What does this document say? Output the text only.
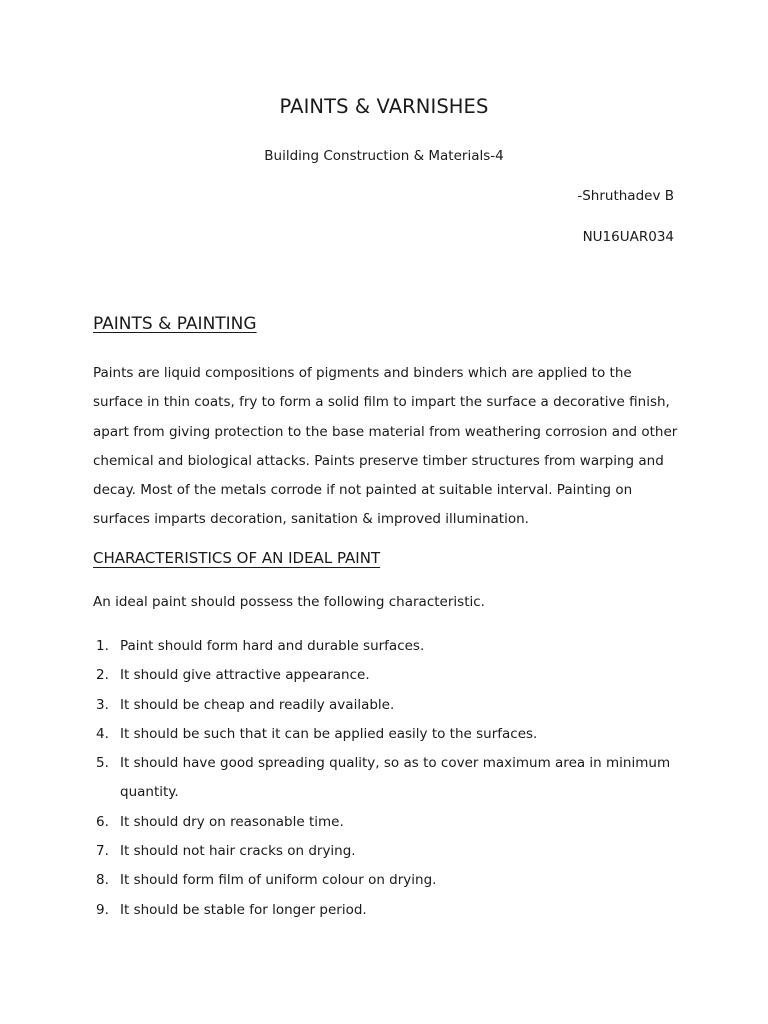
PAINTS & VARNISHES
Building Construction & Materials-4
-Shruthadev B
NU16UAR034
PAINTS & PAINTING

Paints are liquid compositions of pigments and binders which are applied to the surface in thin coats, fry to form a solid film to impart the surface a decorative finish, apart from giving protection to the base material from weathering corrosion and other chemical and biological attacks. Paints preserve timber structures from warping and decay. Most of the metals corrode if not painted at suitable interval. Painting on surfaces imparts decoration, sanitation & improved illumination.

CHARACTERISTICS OF AN IDEAL PAINT
An ideal paint should possess the following characteristic.
1. Paint should form hard and durable surfaces.
2. It should give attractive appearance.
3. It should be cheap and readily available.
4. It should be such that it can be applied easily to the surfaces.
5. It should have good spreading quality, so as to cover maximum area in minimum quantity.
6. It should dry on reasonable time.
7. It should not hair cracks on drying.
8. It should form film of uniform colour on drying.
9. It should be stable for longer period.
